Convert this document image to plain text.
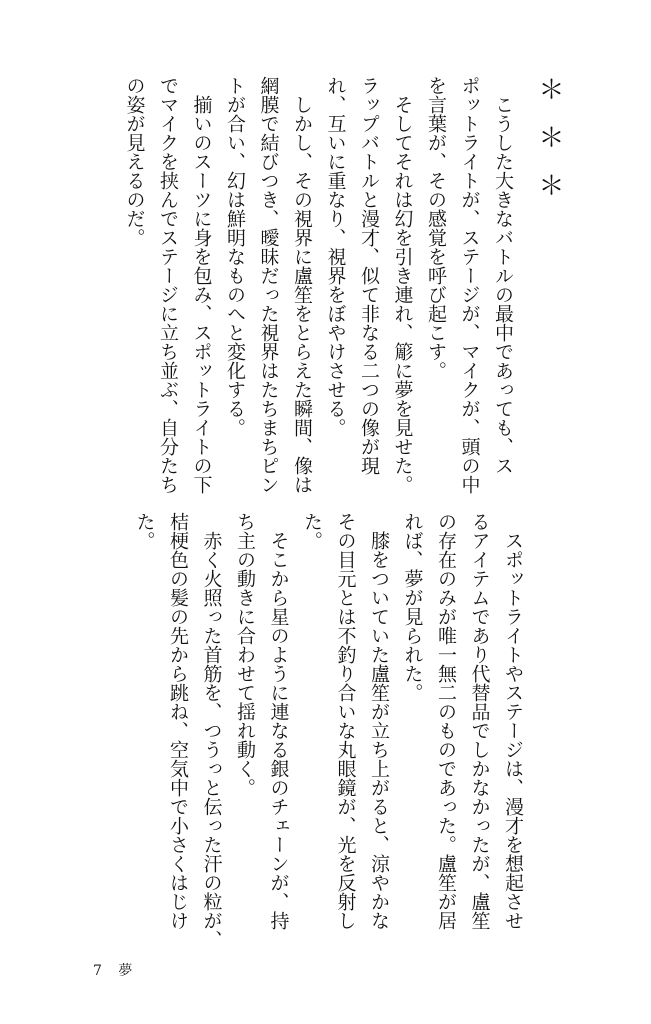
＊＊＊

　こうした大きなバトルの最中であっても、ス

ポットライトが、ステージが、マイクが、頭の中

を言葉が、その感覚を呼び起こす。

　そしてそれは幻を引き連れ、簓に夢を見せた。

ラップバトルと漫才、似て非なる二つの像が現

れ、互いに重なり、視界をぼやけさせる。

　しかし、その視界に盧笙をとらえた瞬間、像は

網膜で結びつき、曖昧だった視界はたちまちピン

トが合い、幻は鮮明なものへと変化する。

　揃いのスーツに身を包み、スポットライトの下

でマイクを挟んでステージに立ち並ぶ、自分たち

の姿が見えるのだ。

　スポットライトやステージは、漫才を想起させ

るアイテムであり代替品でしかなかったが、盧笙

の存在のみが唯一無二のものであった。盧笙が居

れば、夢が見られた。

　膝をついていた盧笙が立ち上がると、涼やかな

その目元とは不釣り合いな丸眼鏡が、光を反射し

た。

　そこから星のように連なる銀のチェーンが、持

ち主の動きに合わせて揺れ動く。

　赤く火照った首筋を、つうっと伝った汗の粒が、

桔梗色の髪の先から跳ね、空気中で小さくはじけ

た。

7 夢
